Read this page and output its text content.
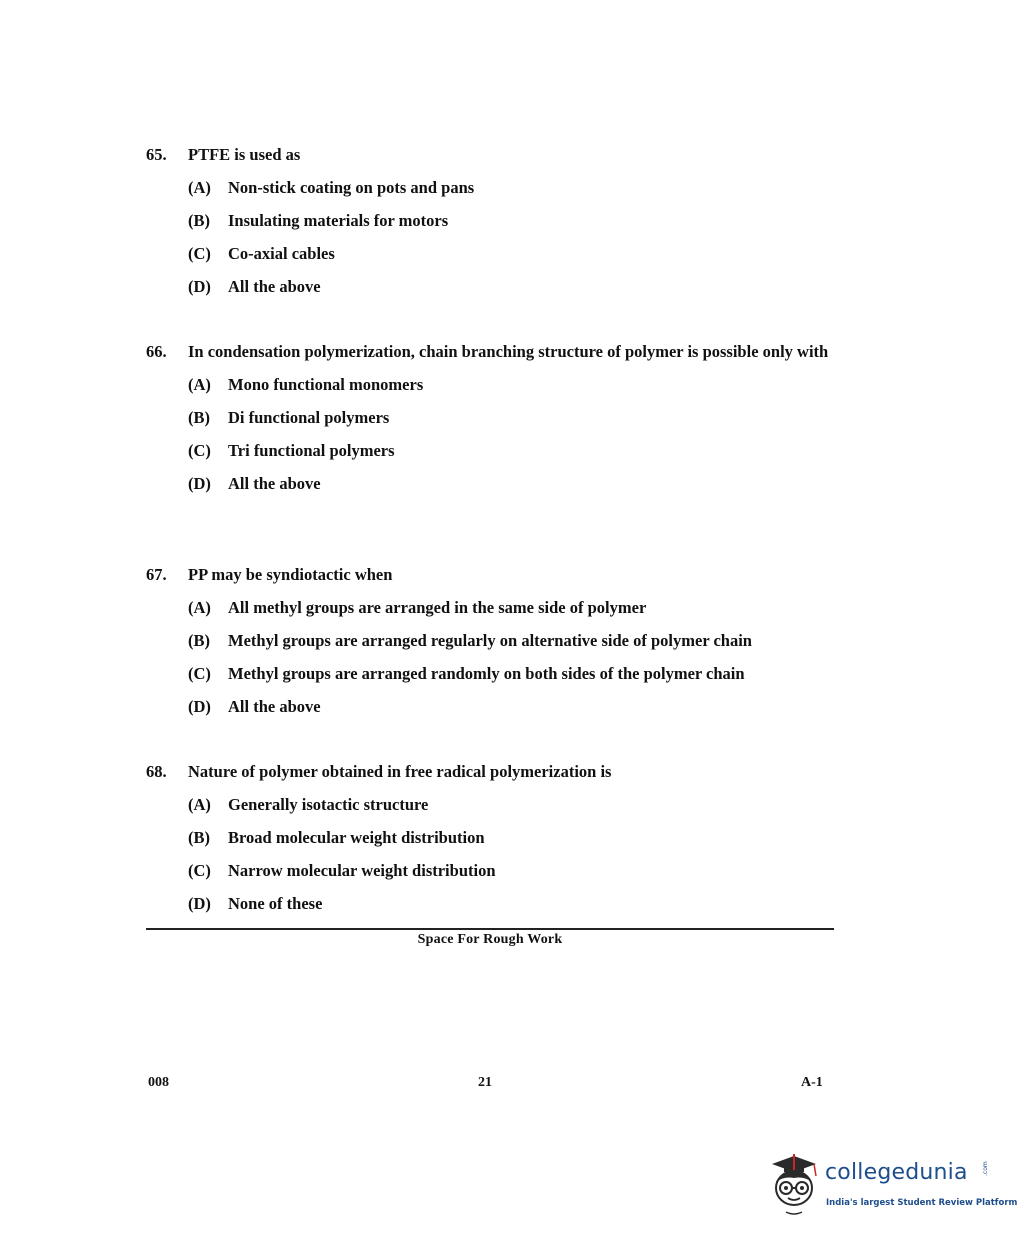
65.	PTFE is used as
(A)	Non-stick coating on pots and pans
(B)	Insulating materials for motors
(C)	Co-axial cables
(D)	All the above
66.	In condensation polymerization, chain branching structure of polymer is possible only with
(A)	Mono functional monomers
(B)	Di functional polymers
(C)	Tri functional polymers
(D)	All the above
67.	PP may be syndiotactic when
(A)	All methyl groups are arranged in the same side of polymer
(B)	Methyl groups are arranged regularly on alternative side of polymer chain
(C)	Methyl groups are arranged randomly on both sides of the polymer chain
(D)	All the above
68.	Nature of polymer obtained in free radical polymerization is
(A)	Generally isotactic structure
(B)	Broad molecular weight distribution
(C)	Narrow molecular weight distribution
(D)	None of these
Space For Rough Work
008	21	A-1
collegedunia .com
India's largest Student Review Platform
